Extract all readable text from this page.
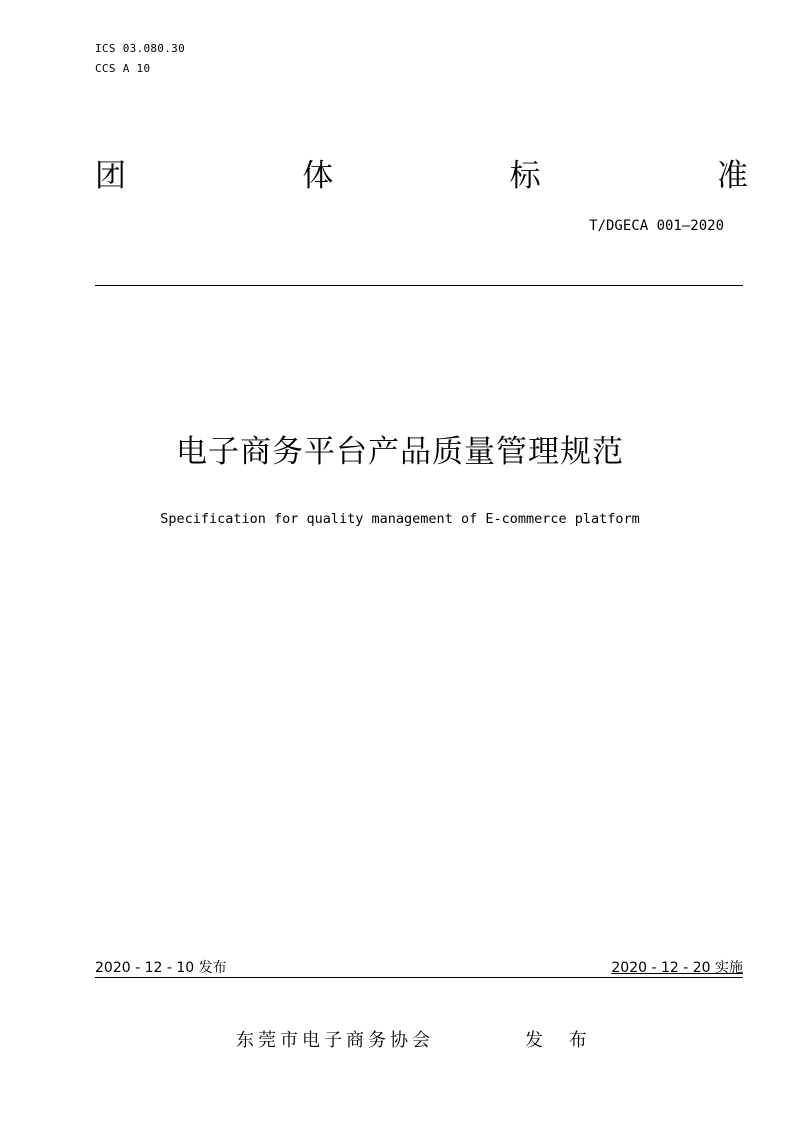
ICS 03.080.30
CCS A 10
团	体	标	准
T/DGECA 001—2020
电子商务平台产品质量管理规范
Specification for quality management of E-commerce platform
2020 - 12 - 10 发布	2020 - 12 - 20 实施
东莞市电子商务协会	发 布
